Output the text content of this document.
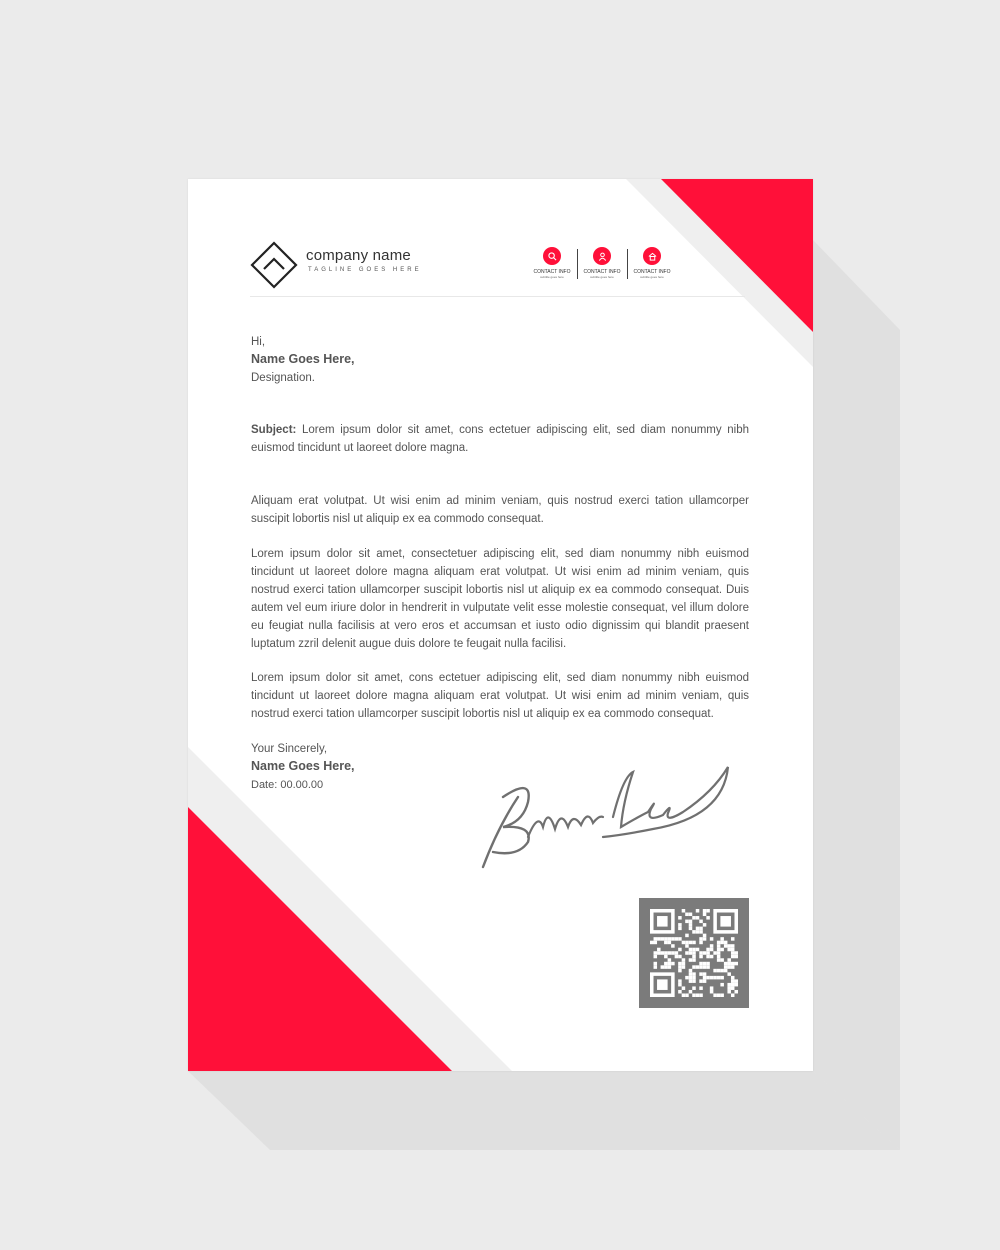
company name
TAGLINE GOES HERE	CONTACT INFO
subtitle goes here
CONTACT INFO
subtitle goes here
CONTACT INFO
subtitle goes here
Hi,
Name Goes Here,
Designation.
Subject: Lorem ipsum dolor sit amet, cons ectetuer adipiscing elit, sed diam nonummy nibh euismod tincidunt ut laoreet dolore magna.
Aliquam erat volutpat. Ut wisi enim ad minim veniam, quis nostrud exerci tation ullamcorper suscipit lobortis nisl ut aliquip ex ea commodo consequat.
Lorem ipsum dolor sit amet, consectetuer adipiscing elit, sed diam nonummy nibh euismod tincidunt ut laoreet dolore magna aliquam erat volutpat. Ut wisi enim ad minim veniam, quis nostrud exerci tation ullamcorper suscipit lobortis nisl ut aliquip ex ea commodo consequat. Duis autem vel eum iriure dolor in hendrerit in vulputate velit esse molestie consequat, vel illum dolore eu feugiat nulla facilisis at vero eros et accumsan et iusto odio dignissim qui blandit praesent luptatum zzril delenit augue duis dolore te feugait nulla facilisi.
Lorem ipsum dolor sit amet, cons ectetuer adipiscing elit, sed diam nonummy nibh euismod tincidunt ut laoreet dolore magna aliquam erat volutpat. Ut wisi enim ad minim veniam, quis nostrud exerci tation ullamcorper suscipit lobortis nisl ut aliquip ex ea commodo consequat.
Your Sincerely,
Name Goes Here,
Date: 00.00.00
